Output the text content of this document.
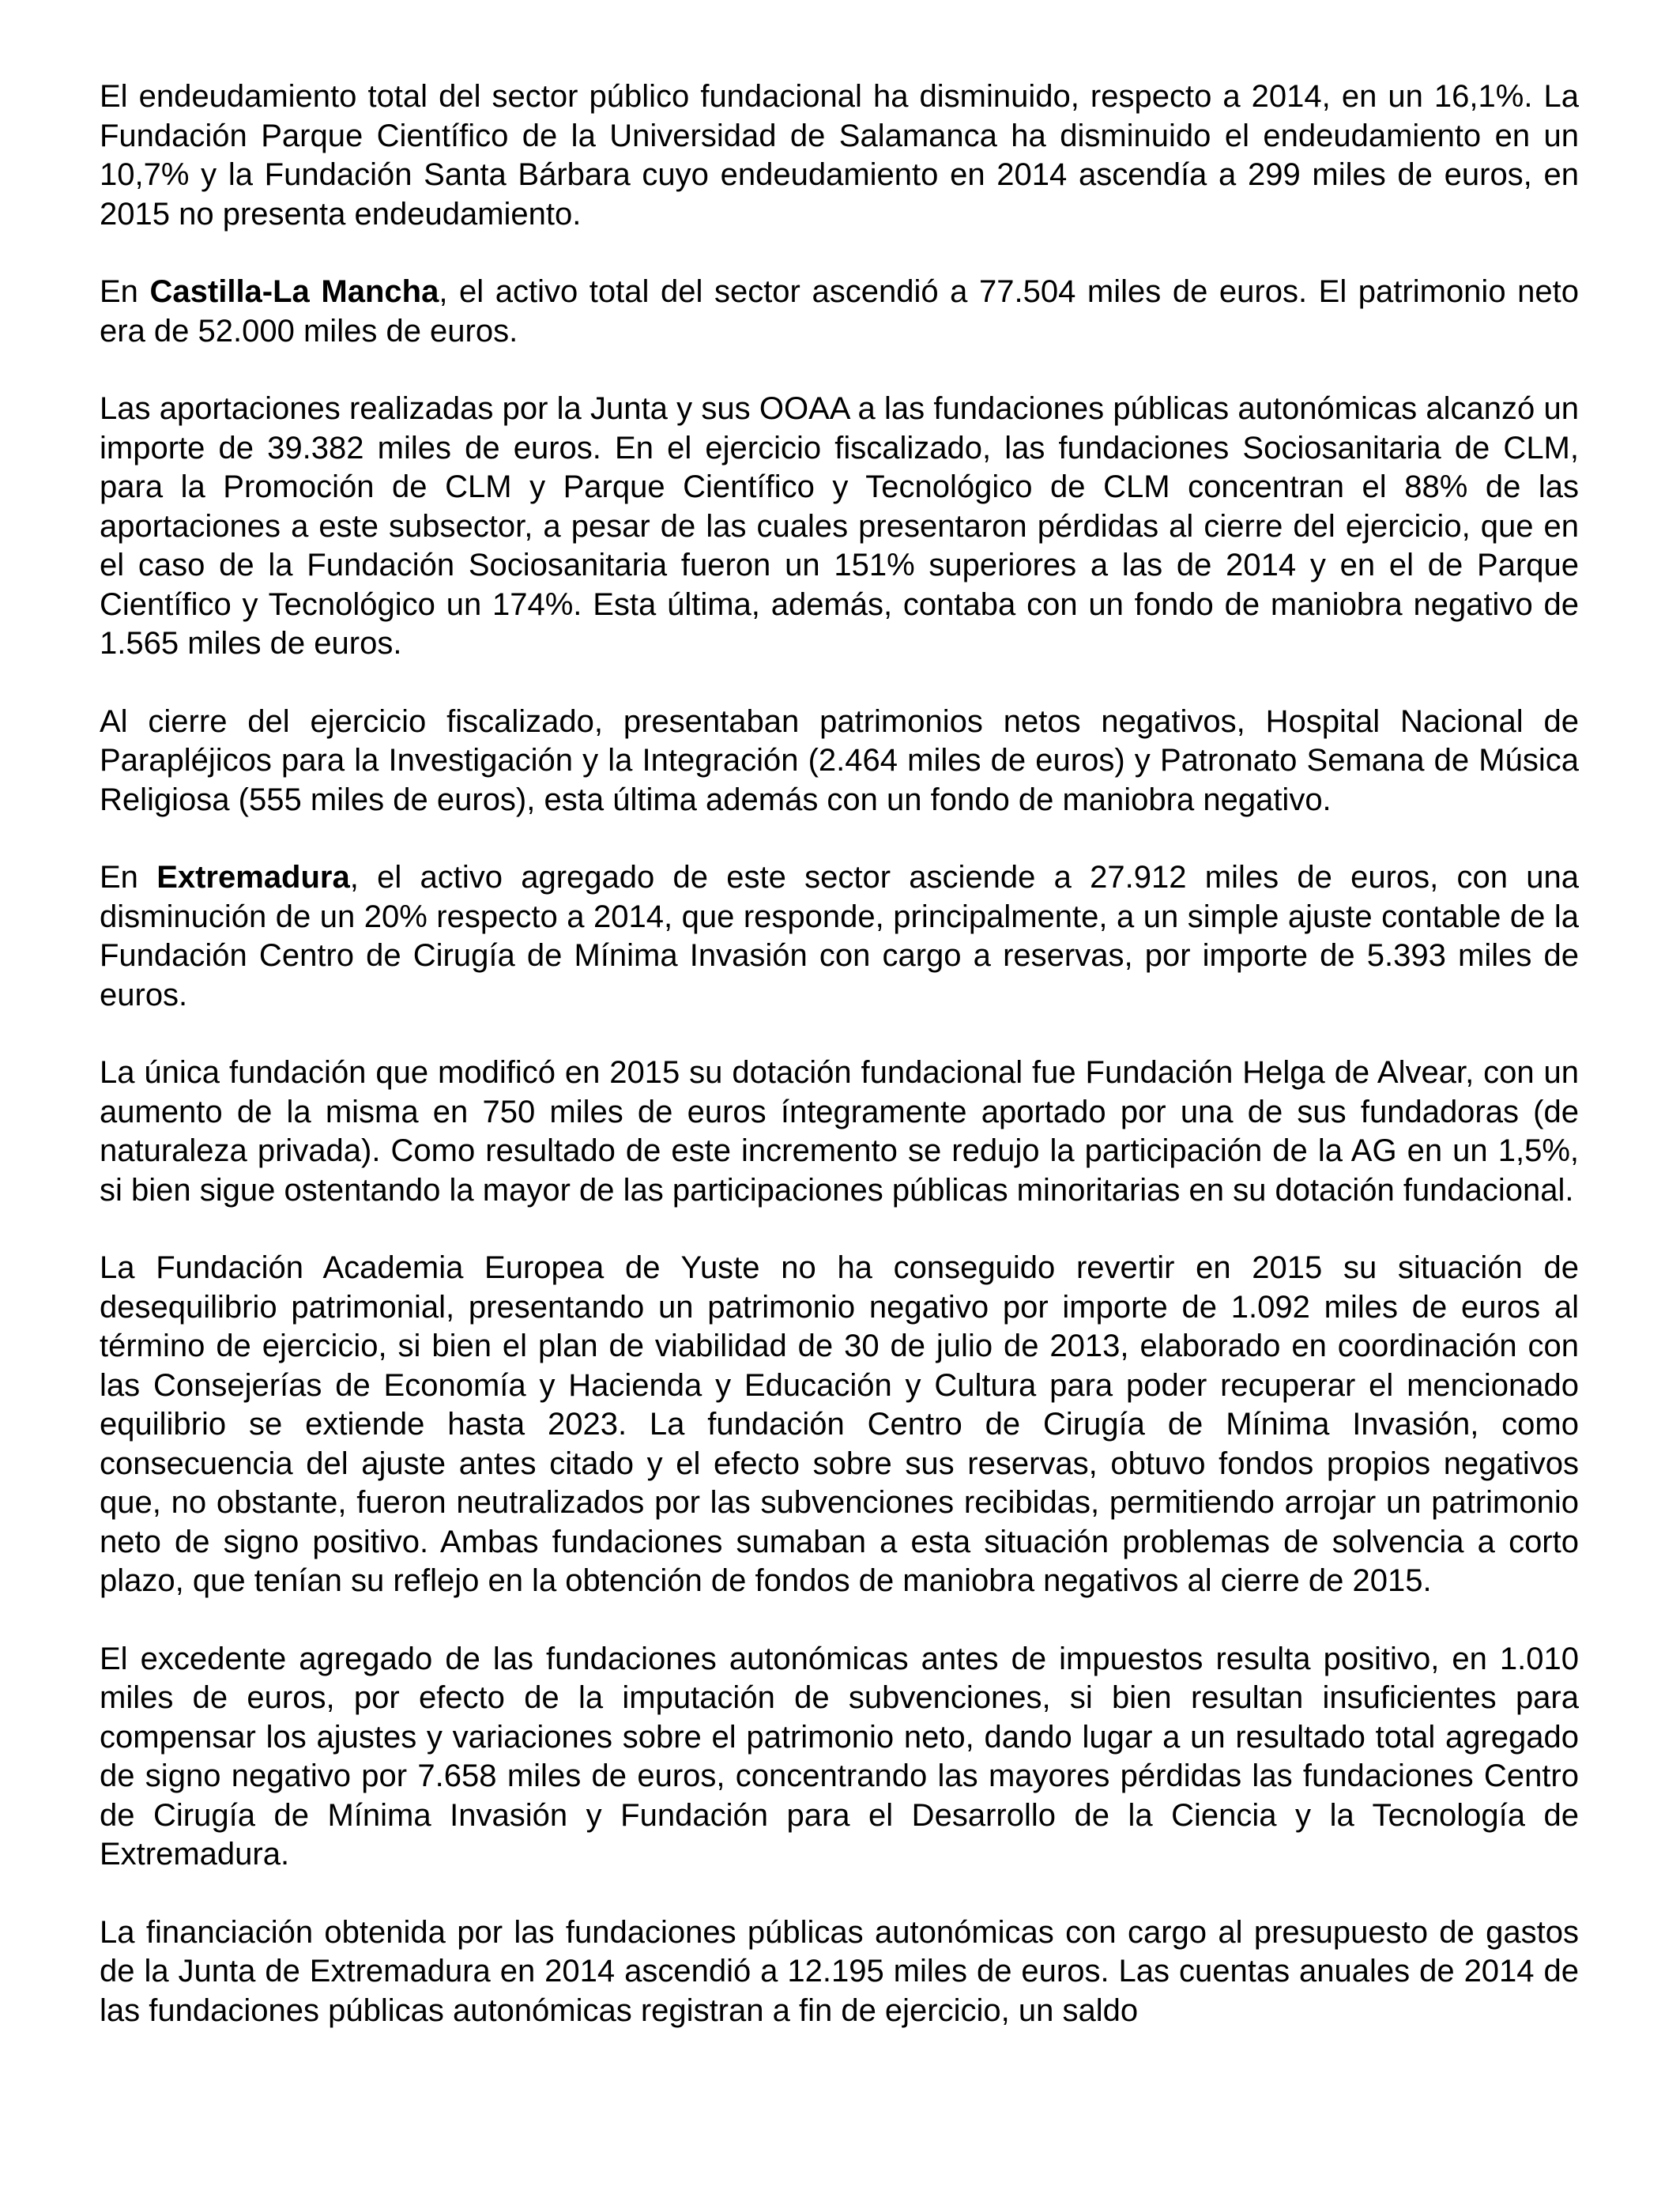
El endeudamiento total del sector público fundacional ha disminuido, respecto a 2014, en un 16,1%. La Fundación Parque Científico de la Universidad de Salamanca ha disminuido el endeudamiento en un 10,7% y la Fundación Santa Bárbara cuyo endeudamiento en 2014 ascendía a 299 miles de euros, en 2015 no presenta endeudamiento.

En Castilla-La Mancha, el activo total del sector ascendió a 77.504 miles de euros. El patrimonio neto era de 52.000 miles de euros.

Las aportaciones realizadas por la Junta y sus OOAA a las fundaciones públicas autonómicas alcanzó un importe de 39.382 miles de euros. En el ejercicio fiscalizado, las fundaciones Sociosanitaria de CLM, para la Promoción de CLM y Parque Científico y Tecnológico de CLM concentran el 88% de las aportaciones a este subsector, a pesar de las cuales presentaron pérdidas al cierre del ejercicio, que en el caso de la Fundación Sociosanitaria fueron un 151% superiores a las de 2014 y en el de Parque Científico y Tecnológico un 174%. Esta última, además, contaba con un fondo de maniobra negativo de 1.565 miles de euros.

Al cierre del ejercicio fiscalizado, presentaban patrimonios netos negativos, Hospital Nacional de Parapléjicos para la Investigación y la Integración (2.464 miles de euros) y Patronato Semana de Música Religiosa (555 miles de euros), esta última además con un fondo de maniobra negativo.

En Extremadura, el activo agregado de este sector asciende a 27.912 miles de euros, con una disminución de un 20% respecto a 2014, que responde, principalmente, a un simple ajuste contable de la Fundación Centro de Cirugía de Mínima Invasión con cargo a reservas, por importe de 5.393 miles de euros.

La única fundación que modificó en 2015 su dotación fundacional fue Fundación Helga de Alvear, con un aumento de la misma en 750 miles de euros íntegramente aportado por una de sus fundadoras (de naturaleza privada). Como resultado de este incremento se redujo la participación de la AG en un 1,5%, si bien sigue ostentando la mayor de las participaciones públicas minoritarias en su dotación fundacional.

La Fundación Academia Europea de Yuste no ha conseguido revertir en 2015 su situación de desequilibrio patrimonial, presentando un patrimonio negativo por importe de 1.092 miles de euros al término de ejercicio, si bien el plan de viabilidad de 30 de julio de 2013, elaborado en coordinación con las Consejerías de Economía y Hacienda y Educación y Cultura para poder recuperar el mencionado equilibrio se extiende hasta 2023. La fundación Centro de Cirugía de Mínima Invasión, como consecuencia del ajuste antes citado y el efecto sobre sus reservas, obtuvo fondos propios negativos que, no obstante, fueron neutralizados por las subvenciones recibidas, permitiendo arrojar un patrimonio neto de signo positivo. Ambas fundaciones sumaban a esta situación problemas de solvencia a corto plazo, que tenían su reflejo en la obtención de fondos de maniobra negativos al cierre de 2015.

El excedente agregado de las fundaciones autonómicas antes de impuestos resulta positivo, en 1.010 miles de euros, por efecto de la imputación de subvenciones, si bien resultan insuficientes para compensar los ajustes y variaciones sobre el patrimonio neto, dando lugar a un resultado total agregado de signo negativo por 7.658 miles de euros, concentrando las mayores pérdidas las fundaciones Centro de Cirugía de Mínima Invasión y Fundación para el Desarrollo de la Ciencia y la Tecnología de Extremadura.

La financiación obtenida por las fundaciones públicas autonómicas con cargo al presupuesto de gastos de la Junta de Extremadura en 2014 ascendió a 12.195 miles de euros. Las cuentas anuales de 2014 de las fundaciones públicas autonómicas registran a fin de ejercicio, un saldo
